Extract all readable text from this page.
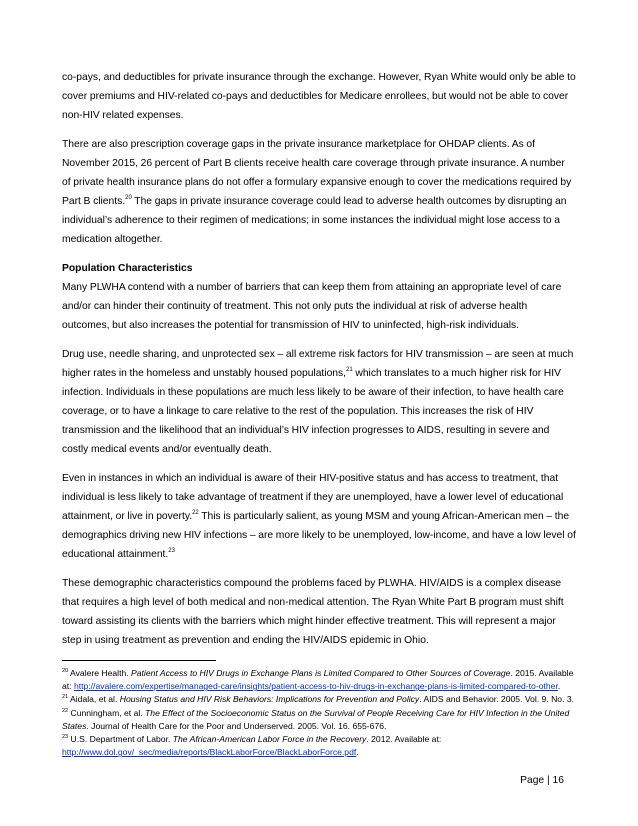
co-pays, and deductibles for private insurance through the exchange. However, Ryan White would only be able to cover premiums and HIV-related co-pays and deductibles for Medicare enrollees, but would not be able to cover non-HIV related expenses.

There are also prescription coverage gaps in the private insurance marketplace for OHDAP clients. As of November 2015, 26 percent of Part B clients receive health care coverage through private insurance. A number of private health insurance plans do not offer a formulary expansive enough to cover the medications required by Part B clients.$^{20}$ The gaps in private insurance coverage could lead to adverse health outcomes by disrupting an individual’s adherence to their regimen of medications; in some instances the individual might lose access to a medication altogether.

Population Characteristics

Many PLWHA contend with a number of barriers that can keep them from attaining an appropriate level of care and/or can hinder their continuity of treatment. This not only puts the individual at risk of adverse health outcomes, but also increases the potential for transmission of HIV to uninfected, high-risk individuals.

Drug use, needle sharing, and unprotected sex – all extreme risk factors for HIV transmission – are seen at much higher rates in the homeless and unstably housed populations,$^{21}$ which translates to a much higher risk for HIV infection. Individuals in these populations are much less likely to be aware of their infection, to have health care coverage, or to have a linkage to care relative to the rest of the population. This increases the risk of HIV transmission and the likelihood that an individual’s HIV infection progresses to AIDS, resulting in severe and costly medical events and/or eventually death.

Even in instances in which an individual is aware of their HIV-positive status and has access to treatment, that individual is less likely to take advantage of treatment if they are unemployed, have a lower level of educational attainment, or live in poverty.$^{22}$ This is particularly salient, as young MSM and young African-American men – the demographics driving new HIV infections – are more likely to be unemployed, low-income, and have a low level of educational attainment.$^{23}$

These demographic characteristics compound the problems faced by PLWHA. HIV/AIDS is a complex disease that requires a high level of both medical and non-medical attention. The Ryan White Part B program must shift toward assisting its clients with the barriers which might hinder effective treatment. This will represent a major step in using treatment as prevention and ending the HIV/AIDS epidemic in Ohio.

$^{20}$ Avalere Health. Patient Access to HIV Drugs in Exchange Plans is Limited Compared to Other Sources of Coverage. 2015. Available at: http://avalere.com/expertise/managed-care/insights/patient-access-to-hiv-drugs-in-exchange-plans-is-limited-compared-to-other.

$^{21}$ Aidala, et al. Housing Status and HIV Risk Behaviors: Implications for Prevention and Policy. AIDS and Behavior. 2005. Vol. 9. No. 3.

$^{22}$ Cunningham, et al. The Effect of the Socioeconomic Status on the Survival of People Receiving Care for HIV Infection in the United States. Journal of Health Care for the Poor and Underserved. 2005. Vol. 16. 655-676.

$^{23}$ U.S. Department of Labor. The African-American Labor Force in the Recovery. 2012. Available at: http://www.dol.gov/_sec/media/reports/BlackLaborForce/BlackLaborForce.pdf.

Page | 16
